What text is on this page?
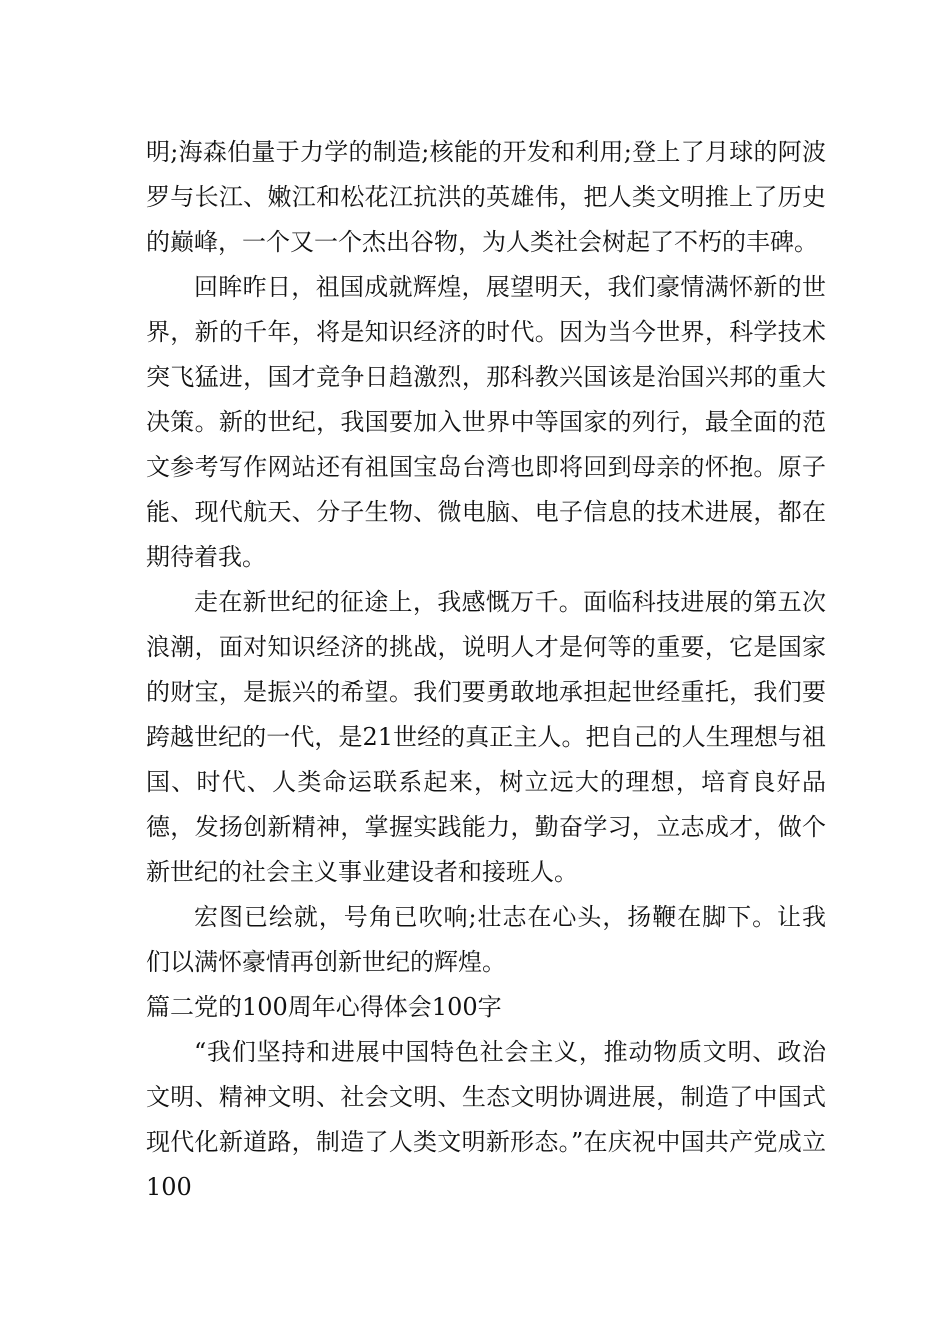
明;海森伯量于力学的制造;核能的开发和利用;登上了月球的阿波罗与长江、嫩江和松花江抗洪的英雄伟，把人类文明推上了历史的巅峰，一个又一个杰出谷物，为人类社会树起了不朽的丰碑。

回眸昨日，祖国成就辉煌，展望明天，我们豪情满怀新的世界，新的千年，将是知识经济的时代。因为当今世界，科学技术突飞猛进，国才竞争日趋激烈，那科教兴国该是治国兴邦的重大决策。新的世纪，我国要加入世界中等国家的列行，最全面的范文参考写作网站还有祖国宝岛台湾也即将回到母亲的怀抱。原子能、现代航天、分子生物、微电脑、电子信息的技术进展，都在期待着我。

走在新世纪的征途上，我感慨万千。面临科技进展的第五次浪潮，面对知识经济的挑战，说明人才是何等的重要，它是国家的财宝，是振兴的希望。我们要勇敢地承担起世经重托，我们要跨越世纪的一代，是21世经的真正主人。把自己的人生理想与祖国、时代、人类命运联系起来，树立远大的理想，培育良好品德，发扬创新精神，掌握实践能力，勤奋学习，立志成才，做个新世纪的社会主义事业建设者和接班人。

宏图已绘就，号角已吹响;壮志在心头，扬鞭在脚下。让我们以满怀豪情再创新世纪的辉煌。

篇二党的100周年心得体会100字

“我们坚持和进展中国特色社会主义，推动物质文明、政治文明、精神文明、社会文明、生态文明协调进展，制造了中国式现代化新道路，制造了人类文明新形态。”在庆祝中国共产党成立100
